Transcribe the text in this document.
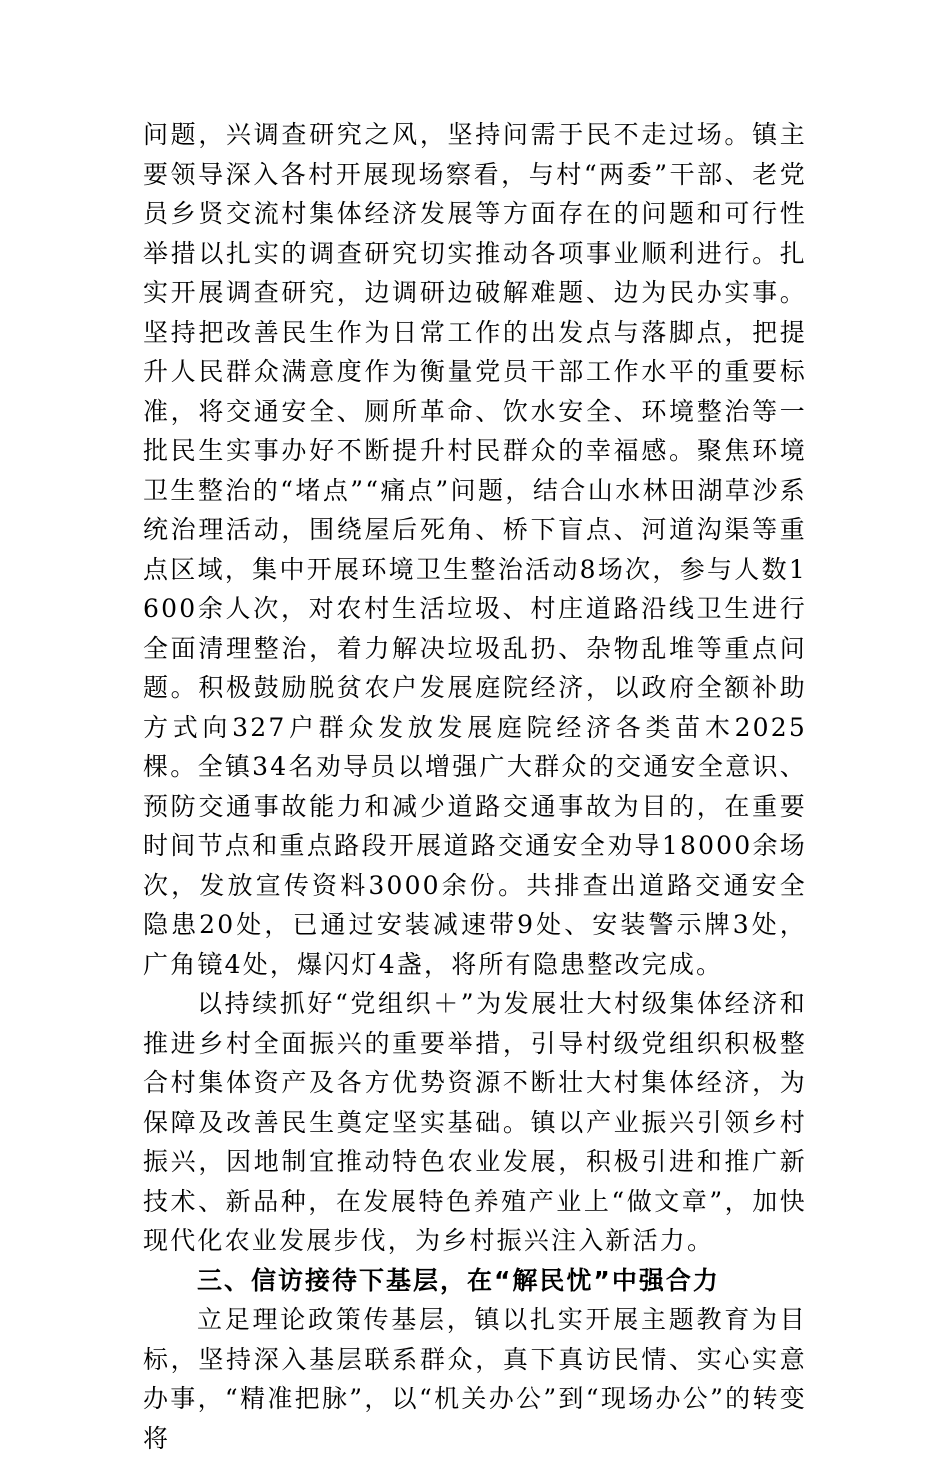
问题，兴调查研究之风，坚持问需于民不走过场。镇主要领导深入各村开展现场察看，与村“两委”干部、老党员乡贤交流村集体经济发展等方面存在的问题和可行性举措以扎实的调查研究切实推动各项事业顺利进行。扎实开展调查研究，边调研边破解难题、边为民办实事。坚持把改善民生作为日常工作的出发点与落脚点，把提升人民群众满意度作为衡量党员干部工作水平的重要标准，将交通安全、厕所革命、饮水安全、环境整治等一批民生实事办好不断提升村民群众的幸福感。聚焦环境卫生整治的“堵点”“痛点”问题，结合山水林田湖草沙系统治理活动，围绕屋后死角、桥下盲点、河道沟渠等重点区域，集中开展环境卫生整治活动8场次，参与人数1600余人次，对农村生活垃圾、村庄道路沿线卫生进行全面清理整治，着力解决垃圾乱扔、杂物乱堆等重点问题。积极鼓励脱贫农户发展庭院经济，以政府全额补助方式向327户群众发放发展庭院经济各类苗木2025棵。全镇34名劝导员以增强广大群众的交通安全意识、预防交通事故能力和减少道路交通事故为目的，在重要时间节点和重点路段开展道路交通安全劝导18000余场次，发放宣传资料3000余份。共排查出道路交通安全隐患20处，已通过安装减速带9处、安装警示牌3处，广角镜4处，爆闪灯4盏，将所有隐患整改完成。

以持续抓好“党组织＋”为发展壮大村级集体经济和推进乡村全面振兴的重要举措，引导村级党组织积极整合村集体资产及各方优势资源不断壮大村集体经济，为保障及改善民生奠定坚实基础。镇以产业振兴引领乡村振兴，因地制宜推动特色农业发展，积极引进和推广新技术、新品种，在发展特色养殖产业上“做文章”，加快现代化农业发展步伐，为乡村振兴注入新活力。

三、信访接待下基层，在“解民忧”中强合力

立足理论政策传基层，镇以扎实开展主题教育为目标，坚持深入基层联系群众，真下真访民情、实心实意办事，“精准把脉”，以“机关办公”到“现场办公”的转变将
